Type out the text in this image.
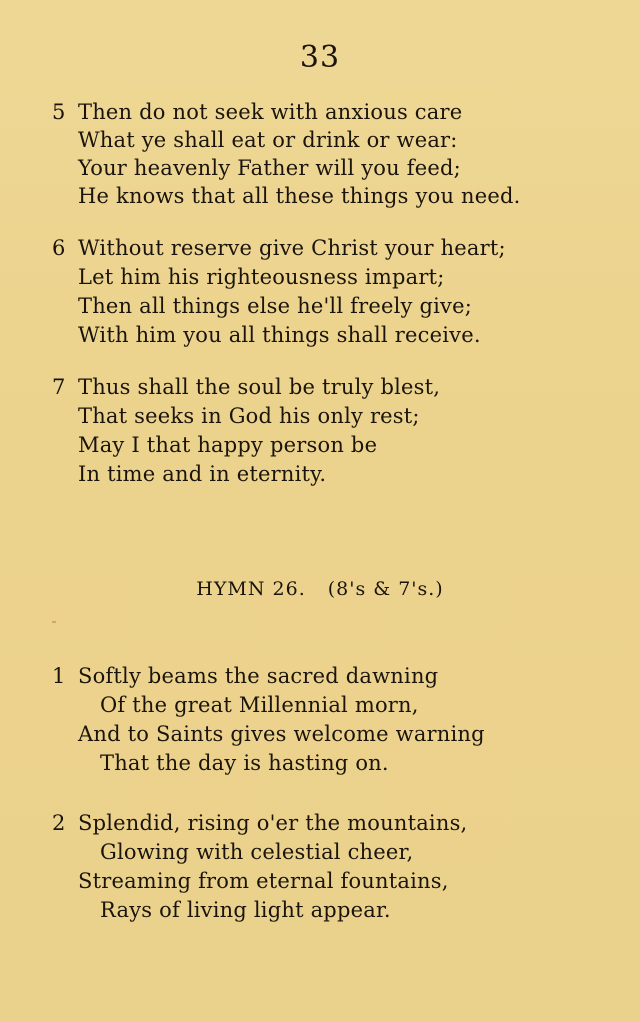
33
5 Then do not seek with anxious care
What ye shall eat or drink or wear:
Your heavenly Father will you feed;
He knows that all these things you need.
6 Without reserve give Christ your heart;
Let him his righteousness impart;
Then all things else he'll freely give;
With him you all things shall receive.
7 Thus shall the soul be truly blest,
That seeks in God his only rest;
May I that happy person be
In time and in eternity.
HYMN 26. (8's & 7's.)
1 Softly beams the sacred dawning
Of the great Millennial morn,
And to Saints gives welcome warning
That the day is hasting on.
2 Splendid, rising o'er the mountains,
Glowing with celestial cheer,
Streaming from eternal fountains,
Rays of living light appear.
